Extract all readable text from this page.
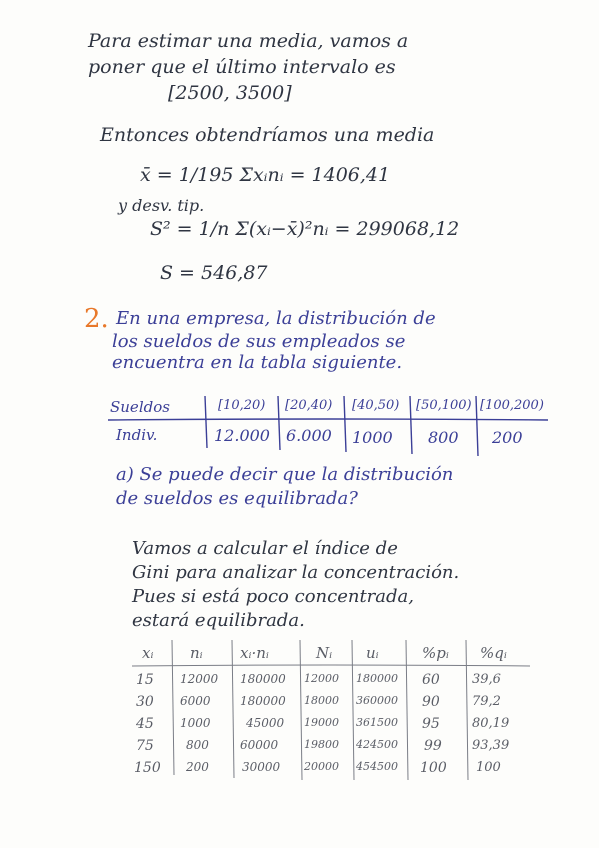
Para estimar una media, vamos a
poner que el último intervalo es
[2500, 3500]
Entonces obtendríamos una media
x̄ = 1/195 Σxᵢnᵢ = 1406,41
y desv. tip.
S² = 1/n Σ(xᵢ−x̄)²nᵢ = 299068,12
S = 546,87
2. En una empresa, la distribución de
los sueldos de sus empleados se
encuentra en la tabla siguiente.
Sueldos	[10,20) [20,40) [40,50) [50,100) [100,200)
Indiv.	12.000 6.000 1000 800 200
a) Se puede decir que la distribución
de sueldos es equilibrada?
Vamos a calcular el índice de
Gini para analizar la concentración.
Pues si está poco concentrada,
estará equilibrada.
xᵢ nᵢ xᵢ·nᵢ	Nᵢ uᵢ	%pᵢ %qᵢ
15 12000 180000 12000 180000 60 39,6
30 6000 180000 18000 360000 90 79,2
45 1000	45000 19000 361500 95 80,19
75	800	60000 19800 424500 99 93,39
150 200	30000 20000 454500 100 100
